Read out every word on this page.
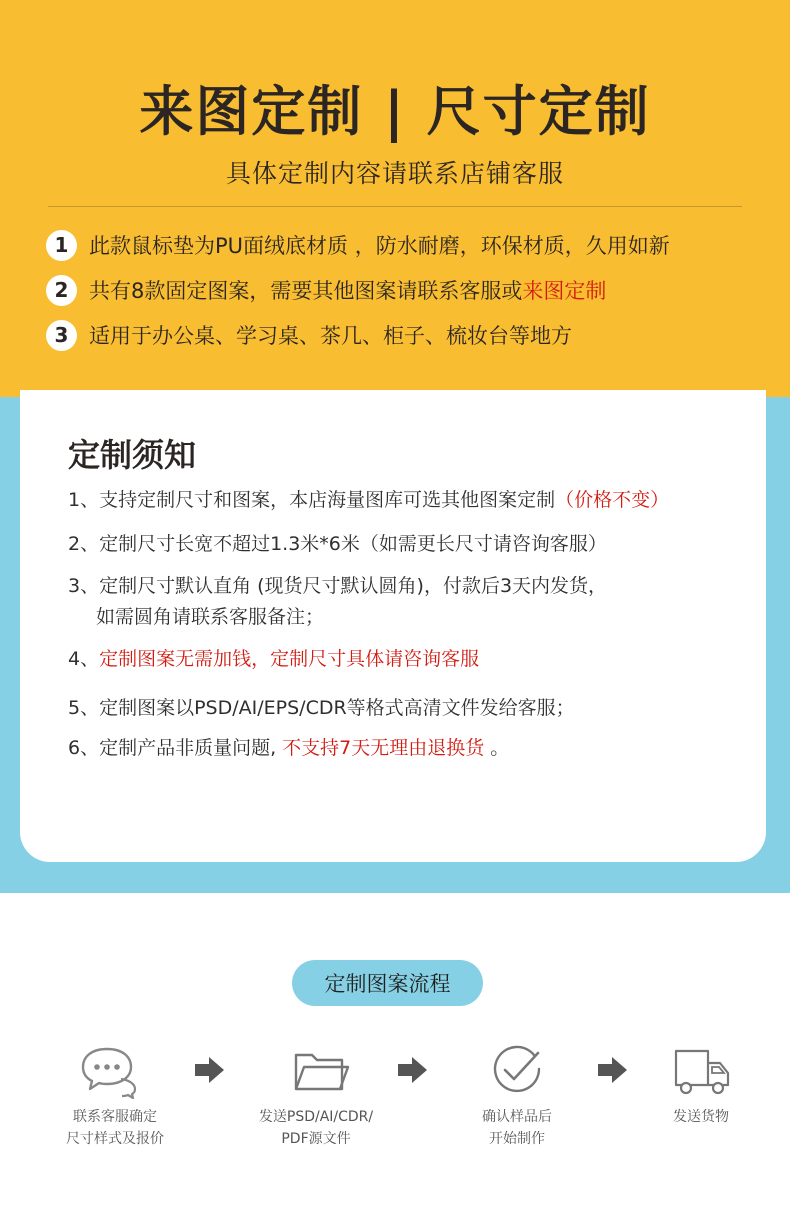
来图定制 | 尺寸定制
具体定制内容请联系店铺客服
1 此款鼠标垫为PU面绒底材质 ，防水耐磨，环保材质，久用如新
2 共有8款固定图案，需要其他图案请联系客服或来图定制
3 适用于办公桌、学习桌、茶几、柜子、梳妆台等地方
定制须知
1、支持定制尺寸和图案，本店海量图库可选其他图案定制（价格不变）
2、定制尺寸长宽不超过1.3米*6米（如需更长尺寸请咨询客服）
3、定制尺寸默认直角 (现货尺寸默认圆角)，付款后3天内发货，
如需圆角请联系客服备注；
4、定制图案无需加钱，定制尺寸具体请咨询客服
5、定制图案以PSD/AI/EPS/CDR等格式高清文件发给客服；
6、定制产品非质量问题, 不支持7天无理由退换货 。
定制图案流程
联系客服确定
尺寸样式及报价
发送PSD/AI/CDR/
PDF源文件
确认样品后
开始制作
发送货物
